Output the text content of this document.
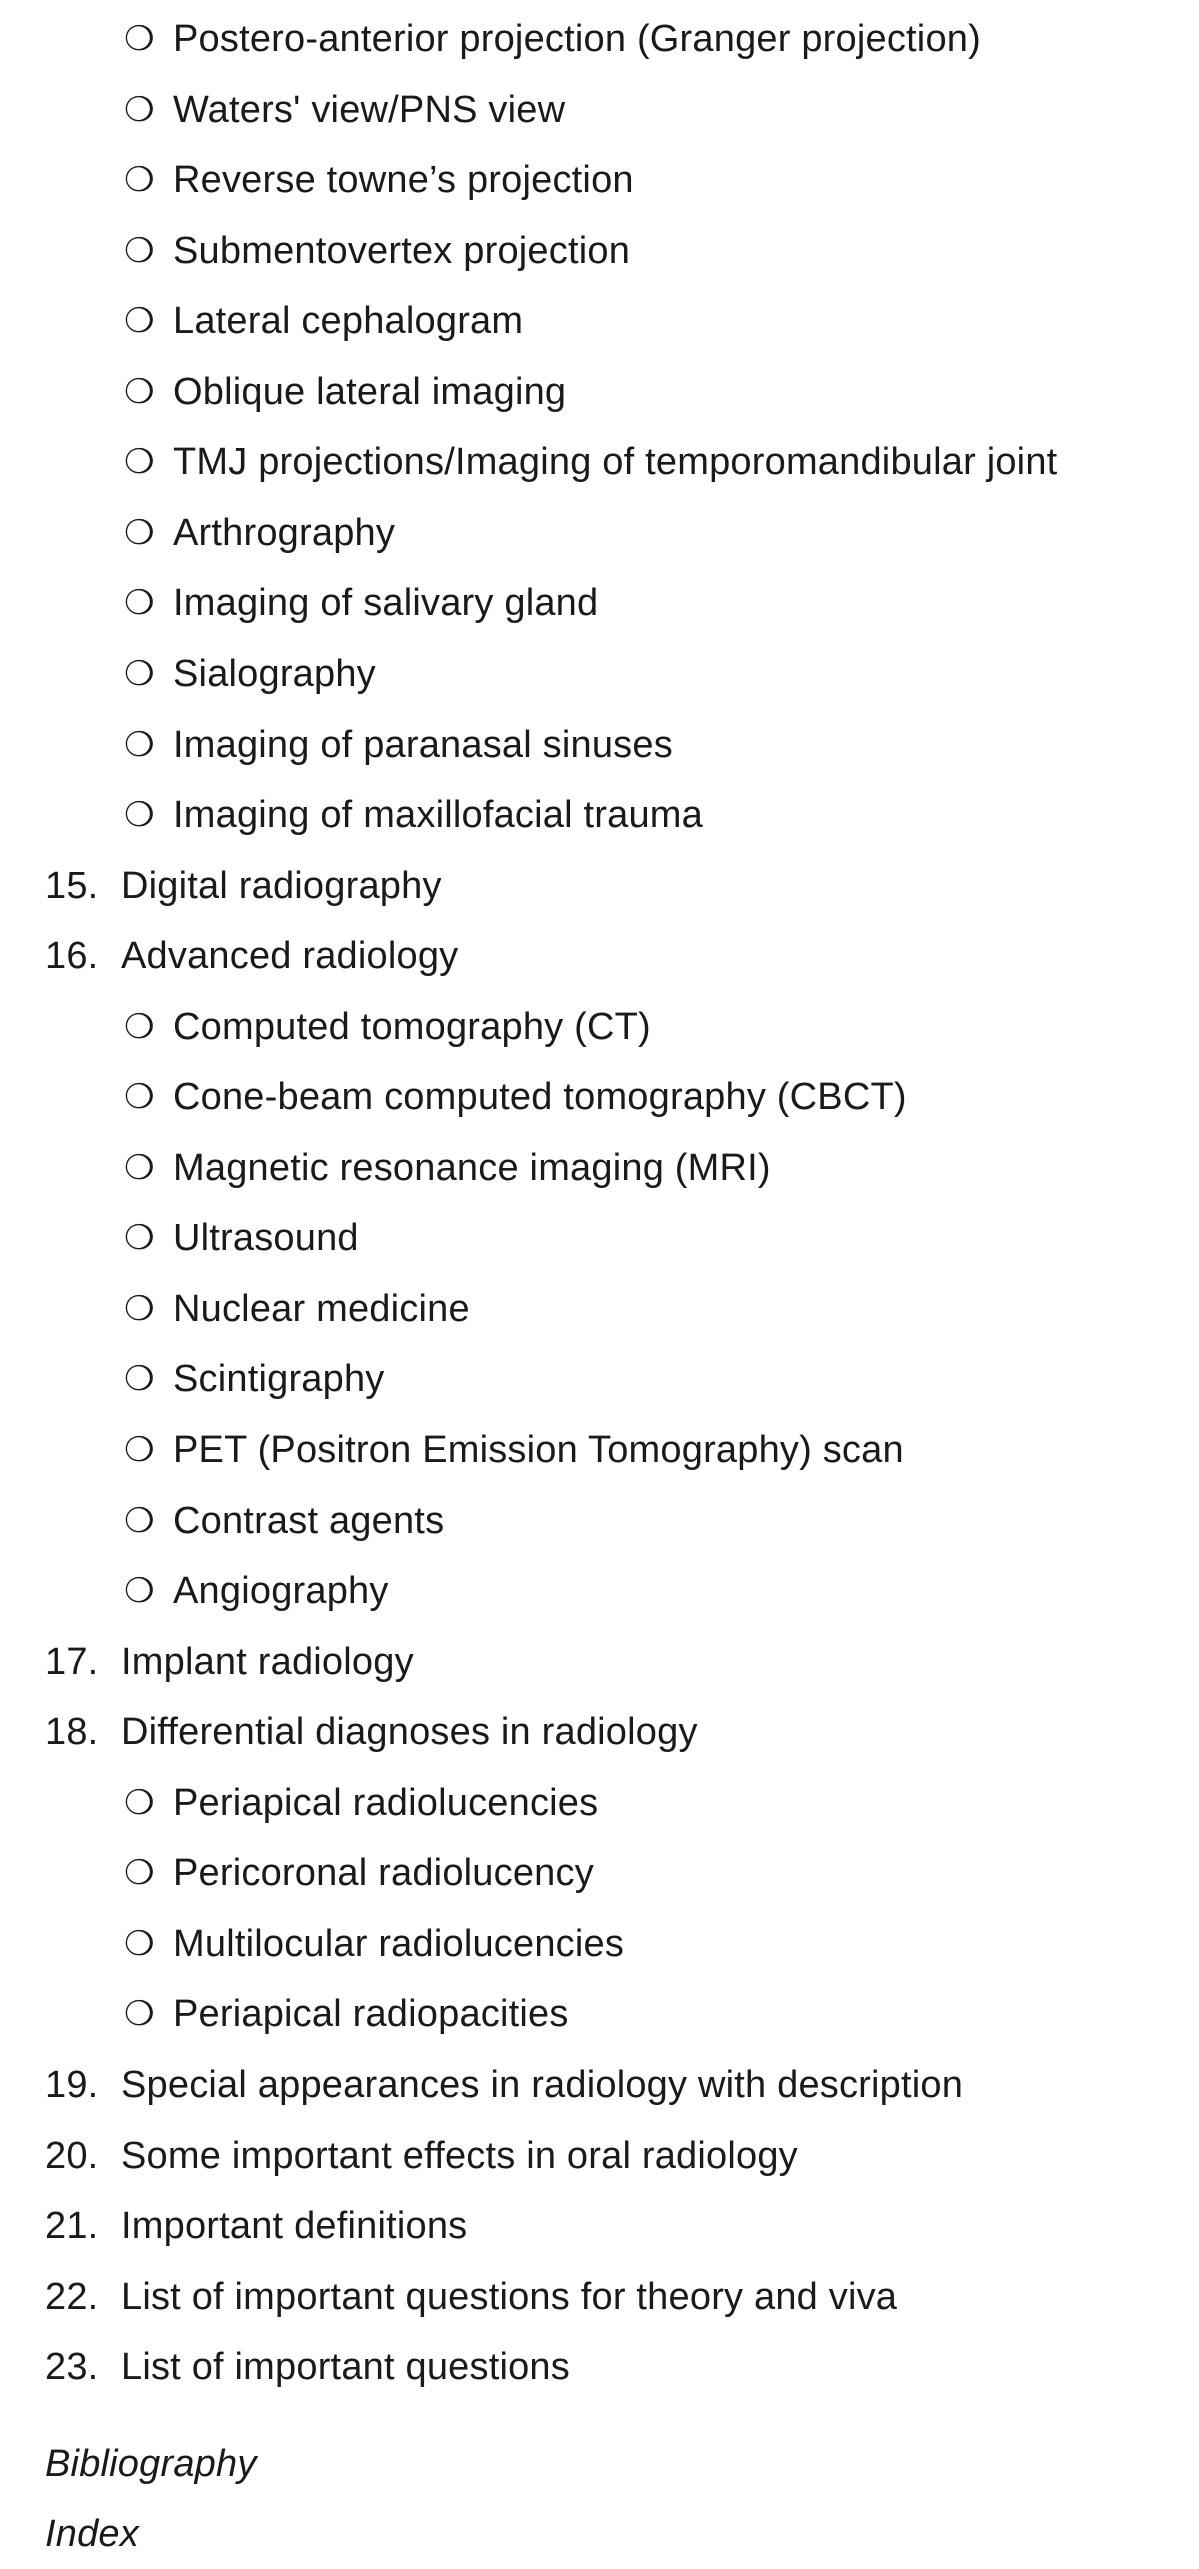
❍ Postero-anterior projection (Granger projection)
❍ Waters' view/PNS view
❍ Reverse towne’s projection
❍ Submentovertex projection
❍ Lateral cephalogram
❍ Oblique lateral imaging
❍ TMJ projections/Imaging of temporomandibular joint
❍ Arthrography
❍ Imaging of salivary gland
❍ Sialography
❍ Imaging of paranasal sinuses
❍ Imaging of maxillofacial trauma
15. Digital radiography
16. Advanced radiology
❍ Computed tomography (CT)
❍ Cone-beam computed tomography (CBCT)
❍ Magnetic resonance imaging (MRI)
❍ Ultrasound
❍ Nuclear medicine
❍ Scintigraphy
❍ PET (Positron Emission Tomography) scan
❍ Contrast agents
❍ Angiography
17. Implant radiology
18. Differential diagnoses in radiology
❍ Periapical radiolucencies
❍ Pericoronal radiolucency
❍ Multilocular radiolucencies
❍ Periapical radiopacities
19. Special appearances in radiology with description
20. Some important effects in oral radiology
21. Important definitions
22. List of important questions for theory and viva
23. List of important questions
Bibliography
Index
